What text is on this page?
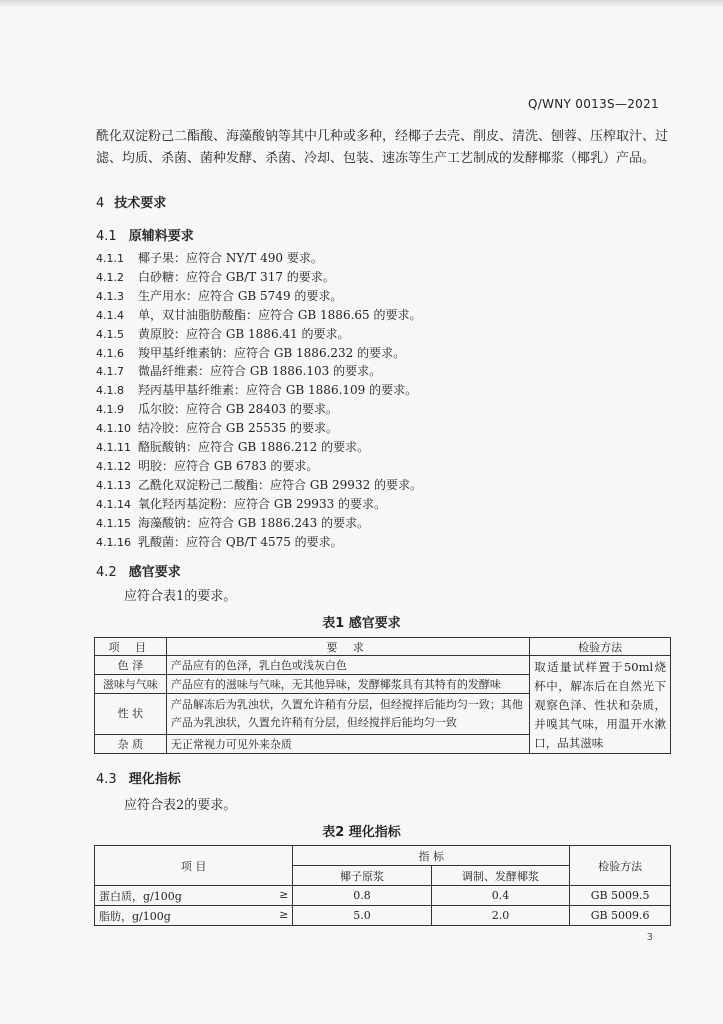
Q/WNY 0013S—2021
酰化双淀粉己二酯酸、海藻酸钠等其中几种或多种，经椰子去壳、削皮、清洗、刨蓉、压榨取汁、过滤、均质、杀菌、菌种发酵、杀菌、冷却、包装、速冻等生产工艺制成的发酵椰浆（椰乳）产品。
4 技术要求
4.1 原辅料要求
4.1.1 椰子果：应符合 NY/T 490 要求。
4.1.2 白砂糖：应符合 GB/T 317 的要求。
4.1.3 生产用水：应符合 GB 5749 的要求。
4.1.4 单，双甘油脂肪酸酯：应符合 GB 1886.65 的要求。
4.1.5 黄原胶：应符合 GB 1886.41 的要求。
4.1.6 羧甲基纤维素钠：应符合 GB 1886.232 的要求。
4.1.7 微晶纤维素：应符合 GB 1886.103 的要求。
4.1.8 羟丙基甲基纤维素：应符合 GB 1886.109 的要求。
4.1.9 瓜尔胶：应符合 GB 28403 的要求。
4.1.10 结冷胶：应符合 GB 25535 的要求。
4.1.11 酪朊酸钠：应符合 GB 1886.212 的要求。
4.1.12 明胶：应符合 GB 6783 的要求。
4.1.13 乙酰化双淀粉己二酸酯：应符合 GB 29932 的要求。
4.1.14 氧化羟丙基淀粉：应符合 GB 29933 的要求。
4.1.15 海藻酸钠：应符合 GB 1886.243 的要求。
4.1.16 乳酸菌：应符合 QB/T 4575 的要求。
4.2 感官要求
应符合表1的要求。
表1 感官要求
项 目	要 求	检验方法
色 泽	产品应有的色泽，乳白色或浅灰白色	取适量试样置于50ml烧杯中，解冻后在自然光下观察色泽、性状和杂质，并嗅其气味，用温开水漱口，品其滋味
滋味与气味	产品应有的滋味与气味，无其他异味，发酵椰浆具有其特有的发酵味	
性 状	产品解冻后为乳浊状，久置允许稍有分层，但经搅拌后能均匀一致；其他产品为乳浊状，久置允许稍有分层，但经搅拌后能均匀一致	
杂 质	无正常视力可见外来杂质	
4.3 理化指标
应符合表2的要求。
表2 理化指标
项 目	指 标		检验方法
	椰子原浆	调制、发酵椰浆	
蛋白质，g/100g ≥	0.8	0.4	GB 5009.5
脂肪，g/100g ≥	5.0	2.0	GB 5009.6
3
